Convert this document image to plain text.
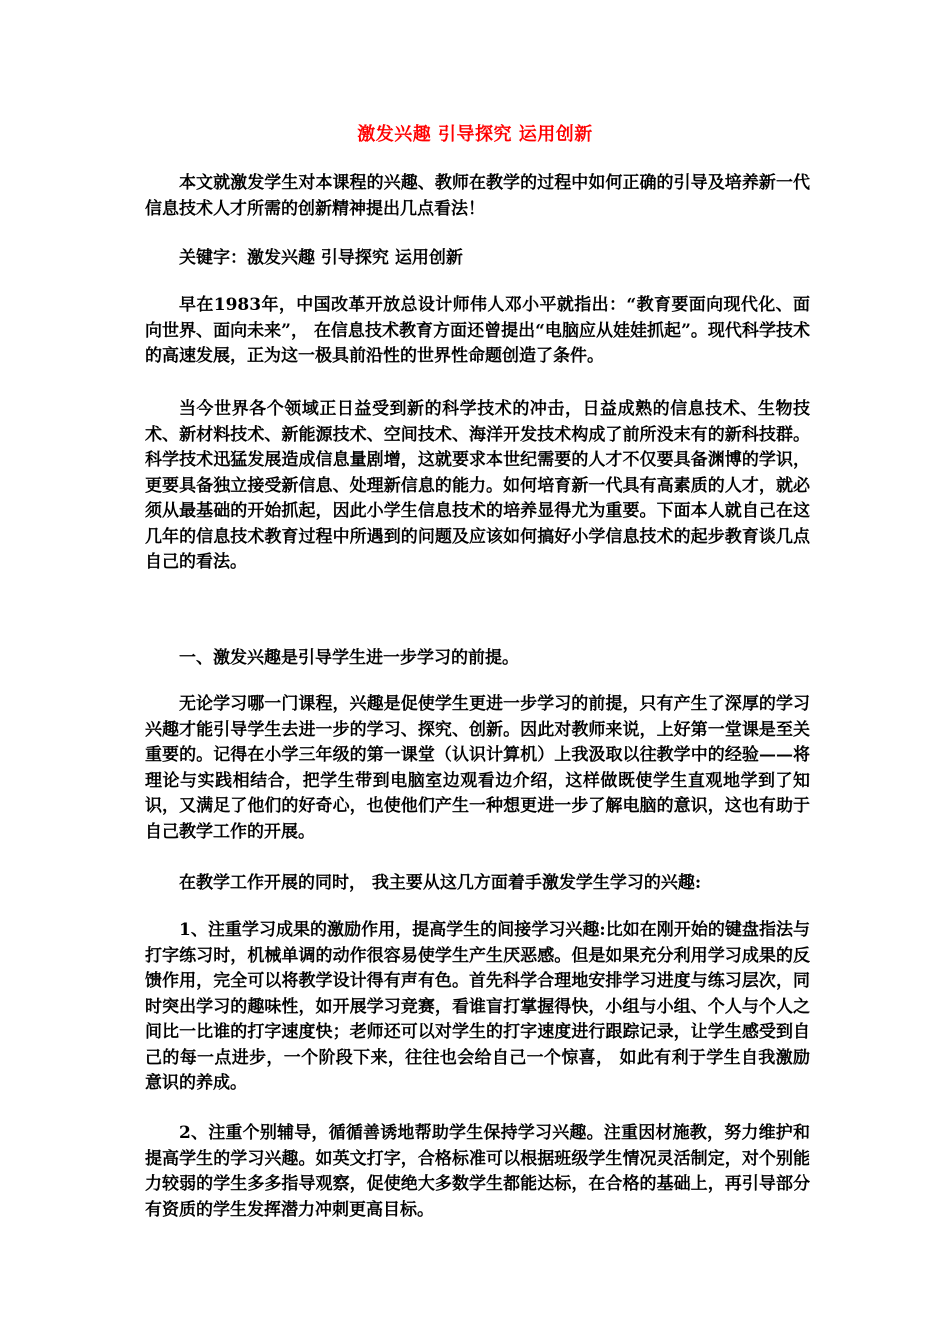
激发兴趣 引导探究 运用创新

本文就激发学生对本课程的兴趣、教师在教学的过程中如何正确的引导及培养新一代信息技术人才所需的创新精神提出几点看法！

关键字：激发兴趣 引导探究 运用创新

早在1983年，中国改革开放总设计师伟人邓小平就指出：“教育要面向现代化、面向世界、面向未来”， 在信息技术教育方面还曾提出“电脑应从娃娃抓起”。现代科学技术的高速发展，正为这一极具前沿性的世界性命题创造了条件。

当今世界各个领域正日益受到新的科学技术的冲击，日益成熟的信息技术、生物技术、新材料技术、新能源技术、空间技术、海洋开发技术构成了前所没末有的新科技群。科学技术迅猛发展造成信息量剧增，这就要求本世纪需要的人才不仅要具备渊博的学识，更要具备独立接受新信息、处理新信息的能力。如何培育新一代具有高素质的人才，就必须从最基础的开始抓起，因此小学生信息技术的培养显得尤为重要。下面本人就自己在这几年的信息技术教育过程中所遇到的问题及应该如何搞好小学信息技术的起步教育谈几点自己的看法。

一、激发兴趣是引导学生进一步学习的前提。

无论学习哪一门课程，兴趣是促使学生更进一步学习的前提，只有产生了深厚的学习兴趣才能引导学生去进一步的学习、探究、创新。因此对教师来说，上好第一堂课是至关重要的。记得在小学三年级的第一课堂（认识计算机）上我汲取以往教学中的经验——将理论与实践相结合，把学生带到电脑室边观看边介绍，这样做既使学生直观地学到了知识，又满足了他们的好奇心，也使他们产生一种想更进一步了解电脑的意识，这也有助于自己教学工作的开展。

在教学工作开展的同时， 我主要从这几方面着手激发学生学习的兴趣:

1、注重学习成果的激励作用，提高学生的间接学习兴趣:比如在刚开始的键盘指法与打字练习时，机械单调的动作很容易使学生产生厌恶感。但是如果充分利用学习成果的反馈作用，完全可以将教学设计得有声有色。首先科学合理地安排学习进度与练习层次，同时突出学习的趣味性，如开展学习竞赛，看谁盲打掌握得快，小组与小组、个人与个人之间比一比谁的打字速度快；老师还可以对学生的打字速度进行跟踪记录，让学生感受到自己的每一点进步，一个阶段下来，往往也会给自己一个惊喜， 如此有利于学生自我激励意识的养成。

2、注重个别辅导，循循善诱地帮助学生保持学习兴趣。注重因材施教，努力维护和提高学生的学习兴趣。如英文打字，合格标准可以根据班级学生情况灵活制定，对个别能力较弱的学生多多指导观察，促使绝大多数学生都能达标，在合格的基础上，再引导部分有资质的学生发挥潜力冲刺更高目标。
